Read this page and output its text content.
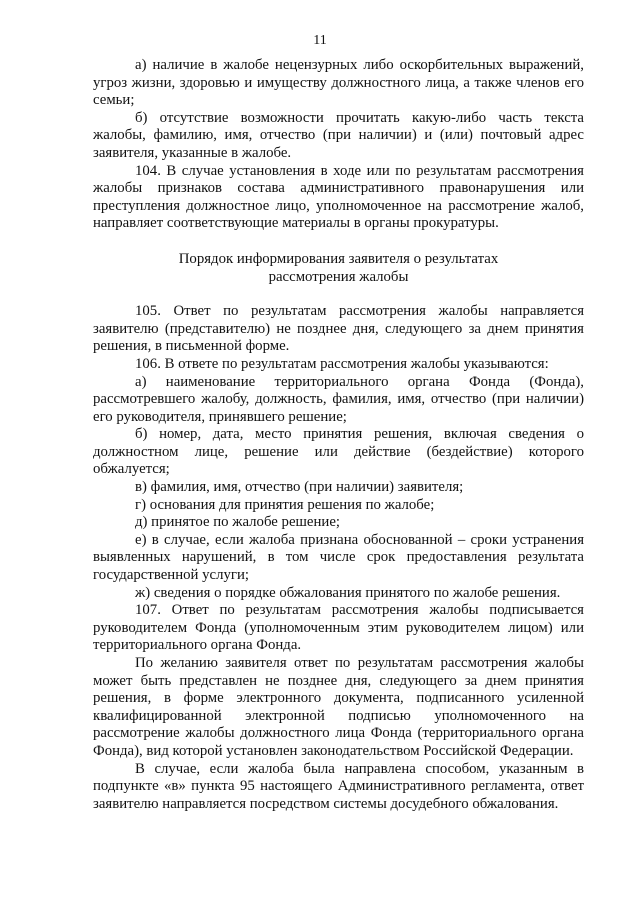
11

а) наличие в жалобе нецензурных либо оскорбительных выражений, угроз жизни, здоровью и имуществу должностного лица, а также членов его семьи;

б) отсутствие возможности прочитать какую-либо часть текста жалобы, фамилию, имя, отчество (при наличии) и (или) почтовый адрес заявителя, указанные в жалобе.

104. В случае установления в ходе или по результатам рассмотрения жалобы признаков состава административного правонарушения или преступления должностное лицо, уполномоченное на рассмотрение жалоб, направляет соответствующие материалы в органы прокуратуры.

Порядок информирования заявителя о результатах
рассмотрения жалобы

105. Ответ по результатам рассмотрения жалобы направляется заявителю (представителю) не позднее дня, следующего за днем принятия решения, в письменной форме.

106. В ответе по результатам рассмотрения жалобы указываются:

а) наименование территориального органа Фонда (Фонда), рассмотревшего жалобу, должность, фамилия, имя, отчество (при наличии) его руководителя, принявшего решение;

б) номер, дата, место принятия решения, включая сведения о должностном лице, решение или действие (бездействие) которого обжалуется;

в) фамилия, имя, отчество (при наличии) заявителя;

г) основания для принятия решения по жалобе;

д) принятое по жалобе решение;

е) в случае, если жалоба признана обоснованной – сроки устранения выявленных нарушений, в том числе срок предоставления результата государственной услуги;

ж) сведения о порядке обжалования принятого по жалобе решения.

107. Ответ по результатам рассмотрения жалобы подписывается руководителем Фонда (уполномоченным этим руководителем лицом) или территориального органа Фонда.

По желанию заявителя ответ по результатам рассмотрения жалобы может быть представлен не позднее дня, следующего за днем принятия решения, в форме электронного документа, подписанного усиленной квалифицированной электронной подписью уполномоченного на рассмотрение жалобы должностного лица Фонда (территориального органа Фонда), вид которой установлен законодательством Российской Федерации.

В случае, если жалоба была направлена способом, указанным в подпункте «в» пункта 95 настоящего Административного регламента, ответ заявителю направляется посредством системы досудебного обжалования.
